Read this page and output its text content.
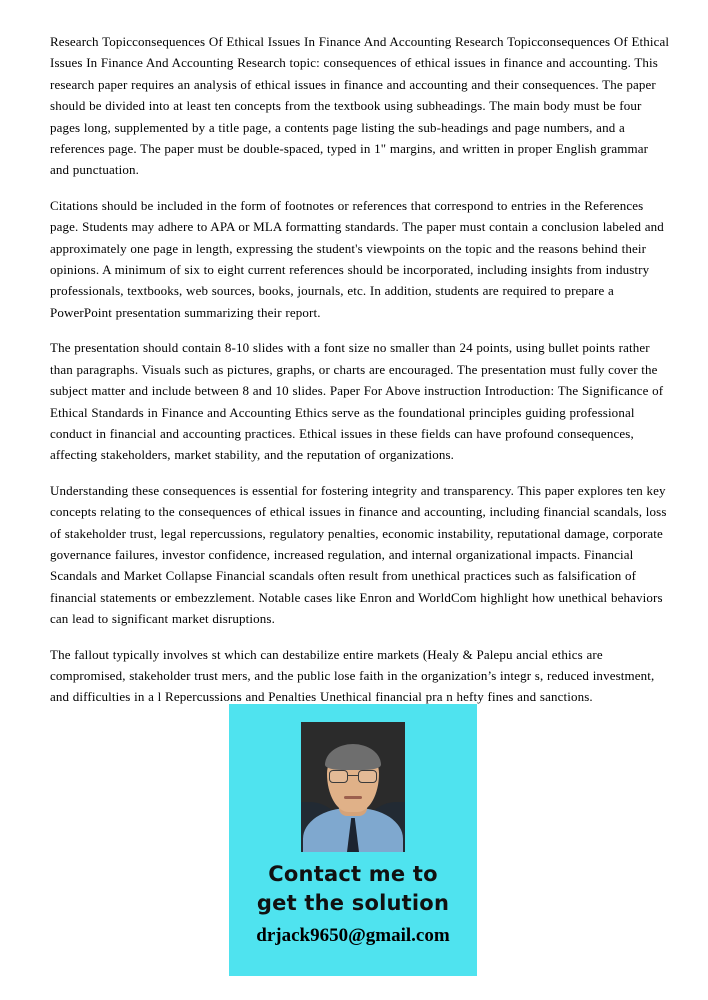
Research Topicconsequences Of Ethical Issues In Finance And Accounting Research Topicconsequences Of Ethical Issues In Finance And Accounting Research topic: consequences of ethical issues in finance and accounting. This research paper requires an analysis of ethical issues in finance and accounting and their consequences. The paper should be divided into at least ten concepts from the textbook using subheadings. The main body must be four pages long, supplemented by a title page, a contents page listing the sub-headings and page numbers, and a references page. The paper must be double-spaced, typed in 1" margins, and written in proper English grammar and punctuation.

Citations should be included in the form of footnotes or references that correspond to entries in the References page. Students may adhere to APA or MLA formatting standards. The paper must contain a conclusion labeled and approximately one page in length, expressing the student's viewpoints on the topic and the reasons behind their opinions. A minimum of six to eight current references should be incorporated, including insights from industry professionals, textbooks, web sources, books, journals, etc. In addition, students are required to prepare a PowerPoint presentation summarizing their report.

The presentation should contain 8-10 slides with a font size no smaller than 24 points, using bullet points rather than paragraphs. Visuals such as pictures, graphs, or charts are encouraged. The presentation must fully cover the subject matter and include between 8 and 10 slides. Paper For Above instruction Introduction: The Significance of Ethical Standards in Finance and Accounting Ethics serve as the foundational principles guiding professional conduct in financial and accounting practices. Ethical issues in these fields can have profound consequences, affecting stakeholders, market stability, and the reputation of organizations.

Understanding these consequences is essential for fostering integrity and transparency. This paper explores ten key concepts relating to the consequences of ethical issues in finance and accounting, including financial scandals, loss of stakeholder trust, legal repercussions, regulatory penalties, economic instability, reputational damage, corporate governance failures, investor confidence, increased regulation, and internal organizational impacts. Financial Scandals and Market Collapse Financial scandals often result from unethical practices such as falsification of financial statements or embezzlement. Notable cases like Enron and WorldCom highlight how unethical behaviors can lead to significant market disruptions.

The fallout typically involves st which can destabilize entire markets (Healy & Palepu ancial ethics are compromised, stakeholder trust mers, and the public lose faith in the organization’s integr s, reduced investment, and difficulties in a l Repercussions and Penalties Unethical financial pra n hefty fines and sanctions.

Contact me to
get the solution
drjack9650@gmail.com
